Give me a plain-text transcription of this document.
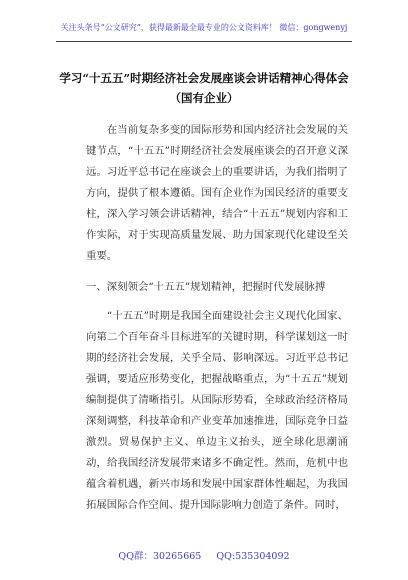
关注头条号“公文研究”，获得最新最全最专业的公文资料库！ 微信：gongwenyj
学习“十五五”时期经济社会发展座谈会讲话精神心得体会（国有企业）

在当前复杂多变的国际形势和国内经济社会发展的关键节点，“十五五”时期经济社会发展座谈会的召开意义深远。习近平总书记在座谈会上的重要讲话，为我们指明了方向，提供了根本遵循。国有企业作为国民经济的重要支柱，深入学习领会讲话精神，结合“十五五”规划内容和工作实际，对于实现高质量发展、助力国家现代化建设至关重要。

一、深刻领会“十五五”规划精神，把握时代发展脉搏

“十五五”时期是我国全面建设社会主义现代化国家、向第二个百年奋斗目标进军的关键时期，科学谋划这一时期的经济社会发展，关乎全局、影响深远。习近平总书记强调，要适应形势变化，把握战略重点，为“十五五”规划编制提供了清晰指引。从国际形势看，全球政治经济格局深刻调整，科技革命和产业变革加速推进，国际竞争日益激烈。贸易保护主义、单边主义抬头，逆全球化思潮涌动，给我国经济发展带来诸多不确定性。然而，危机中也蕴含着机遇，新兴市场和发展中国家群体性崛起，为我国拓展国际合作空间、提升国际影响力创造了条件。同时，

QQ群：30265665 QQ:535304092
